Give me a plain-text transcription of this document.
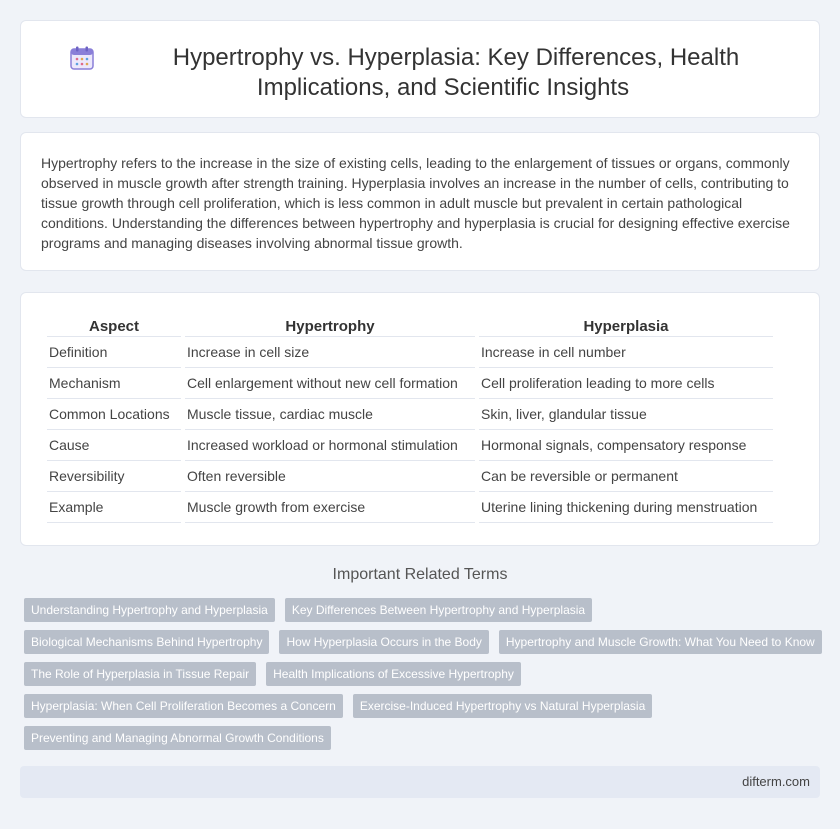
Hypertrophy vs. Hyperplasia: Key Differences, Health Implications, and Scientific Insights

Hypertrophy refers to the increase in the size of existing cells, leading to the enlargement of tissues or organs, commonly observed in muscle growth after strength training. Hyperplasia involves an increase in the number of cells, contributing to tissue growth through cell proliferation, which is less common in adult muscle but prevalent in certain pathological conditions. Understanding the differences between hypertrophy and hyperplasia is crucial for designing effective exercise programs and managing diseases involving abnormal tissue growth.

Aspect	Hypertrophy	Hyperplasia
Definition	Increase in cell size	Increase in cell number
Mechanism	Cell enlargement without new cell formation	Cell proliferation leading to more cells
Common Locations	Muscle tissue, cardiac muscle	Skin, liver, glandular tissue
Cause	Increased workload or hormonal stimulation	Hormonal signals, compensatory response
Reversibility	Often reversible	Can be reversible or permanent
Example	Muscle growth from exercise	Uterine lining thickening during menstruation
Important Related Terms
Understanding Hypertrophy and Hyperplasia	Key Differences Between Hypertrophy and Hyperplasia
Biological Mechanisms Behind Hypertrophy	How Hyperplasia Occurs in the Body	Hypertrophy and Muscle Growth: What You Need to Know
The Role of Hyperplasia in Tissue Repair	Health Implications of Excessive Hypertrophy
Hyperplasia: When Cell Proliferation Becomes a Concern	Exercise-Induced Hypertrophy vs Natural Hyperplasia
Preventing and Managing Abnormal Growth Conditions
difterm.com
